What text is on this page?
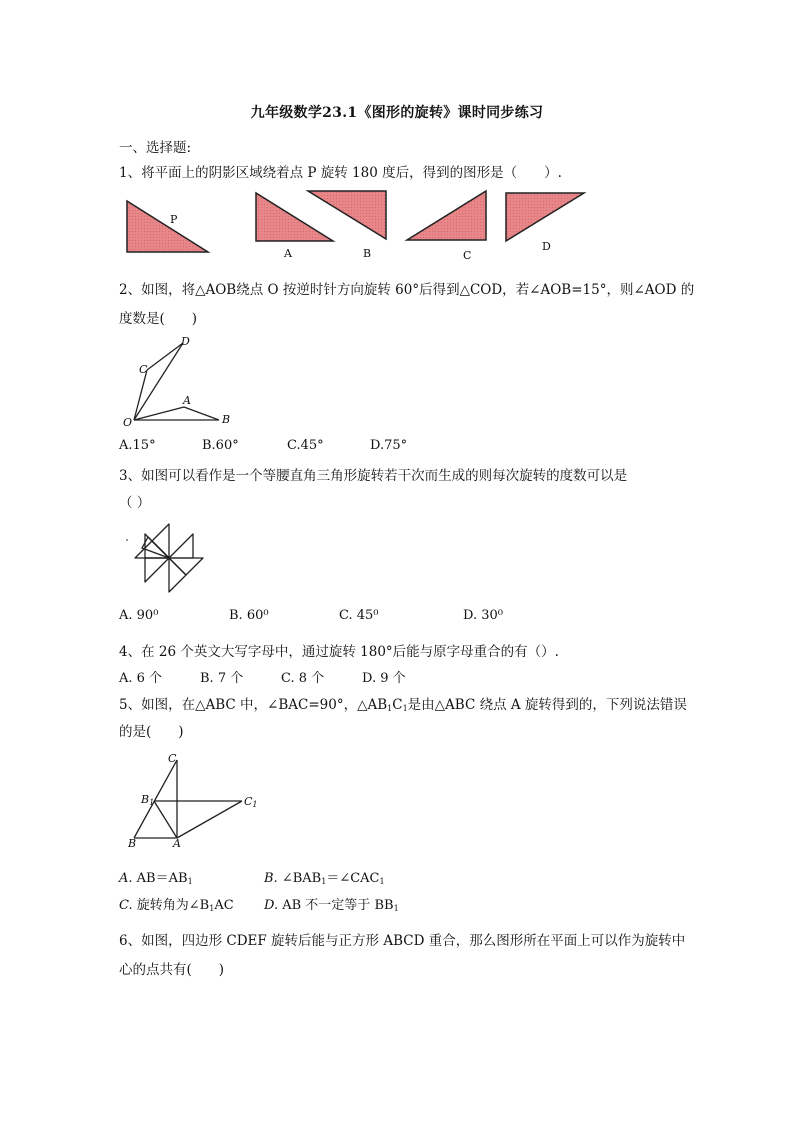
九年级数学23.1《图形的旋转》课时同步练习
一、选择题:
1、将平面上的阴影区域绕着点 P 旋转 180 度后，得到的图形是（　　）.
P
A	B	C
D
2、如图，将△AOB绕点 O 按逆时针方向旋转 60°后得到△COD，若∠AOB=15°，则∠AOD 的
度数是(　　)
D
C
A
O	B
A.15°	B.60°	C.45°	D.75°
3、如图可以看作是一个等腰直角三角形旋转若干次而生成的则每次旋转的度数可以是
（ ）
A. 90⁰	B. 60⁰	C. 45⁰	D. 30⁰
4、在 26 个英文大写字母中，通过旋转 180°后能与原字母重合的有（）.
A. 6 个	B. 7 个	C. 8 个	D. 9 个
5、如图，在△ABC 中，∠BAC=90°，$\triangle AB_1C_1$是由△ABC 绕点 A 旋转得到的，下列说法错误
的是(　　)
C
$B_1$	$C_1$
B	A
A. $AB=AB_1$	B. $\angle BAB_1=\angle CAC_1$
C. 旋转角为$\angle B_1AC$ D. AB 不一定等于 $BB_1$
6、如图，四边形 CDEF 旋转后能与正方形 ABCD 重合，那么图形所在平面上可以作为旋转中
心的点共有(　　)
